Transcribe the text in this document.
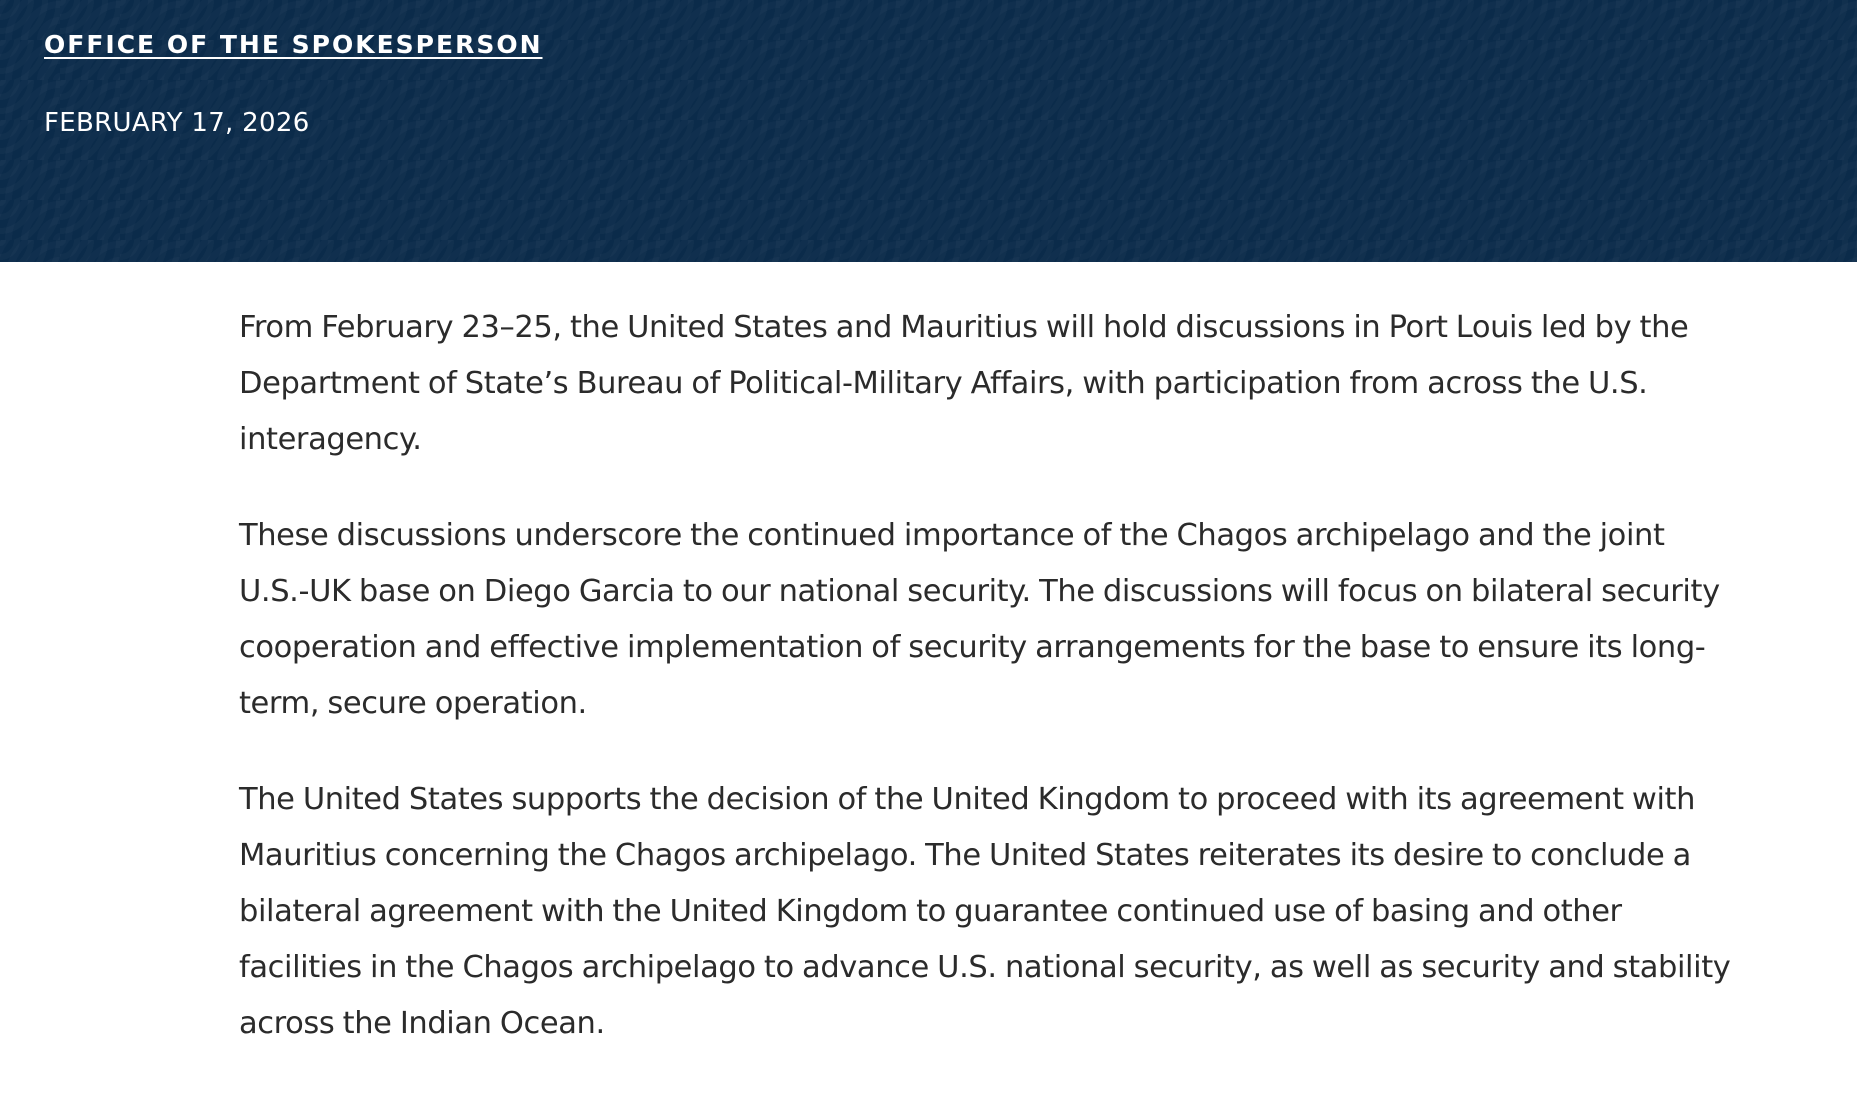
OFFICE OF THE SPOKESPERSON
FEBRUARY 17, 2026

From February 23–25, the United States and Mauritius will hold discussions in Port Louis led by the Department of State’s Bureau of Political-Military Affairs, with participation from across the U.S. interagency.

These discussions underscore the continued importance of the Chagos archipelago and the joint U.S.-UK base on Diego Garcia to our national security. The discussions will focus on bilateral security cooperation and effective implementation of security arrangements for the base to ensure its long-term, secure operation.

The United States supports the decision of the United Kingdom to proceed with its agreement with Mauritius concerning the Chagos archipelago. The United States reiterates its desire to conclude a bilateral agreement with the United Kingdom to guarantee continued use of basing and other facilities in the Chagos archipelago to advance U.S. national security, as well as security and stability across the Indian Ocean.
